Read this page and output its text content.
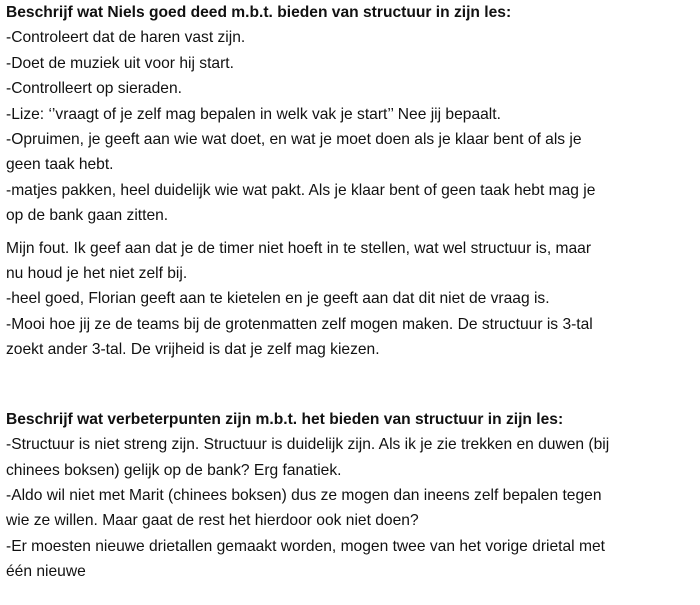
Beschrijf wat Niels goed deed m.b.t. bieden van structuur in zijn les:

-Controleert dat de haren vast zijn.

-Doet de muziek uit voor hij start.

-Controlleert op sieraden.

-Lize: ‘’vraagt of je zelf mag bepalen in welk vak je start’’ Nee jij bepaalt.

-Opruimen, je geeft aan wie wat doet, en wat je moet doen als je klaar bent of als je

geen taak hebt.

-matjes pakken, heel duidelijk wie wat pakt. Als je klaar bent of geen taak hebt mag je

op de bank gaan zitten.

Mijn fout. Ik geef aan dat je de timer niet hoeft in te stellen, wat wel structuur is, maar

nu houd je het niet zelf bij.

-heel goed, Florian geeft aan te kietelen en je geeft aan dat dit niet de vraag is.

-Mooi hoe jij ze de teams bij de grotenmatten zelf mogen maken. De structuur is 3-tal

zoekt ander 3-tal. De vrijheid is dat je zelf mag kiezen.

Beschrijf wat verbeterpunten zijn m.b.t. het bieden van structuur in zijn les:

-Structuur is niet streng zijn. Structuur is duidelijk zijn. Als ik je zie trekken en duwen (bij

chinees boksen) gelijk op de bank? Erg fanatiek.

-Aldo wil niet met Marit (chinees boksen) dus ze mogen dan ineens zelf bepalen tegen

wie ze willen. Maar gaat de rest het hierdoor ook niet doen?

-Er moesten nieuwe drietallen gemaakt worden, mogen twee van het vorige drietal met

één nieuwe
